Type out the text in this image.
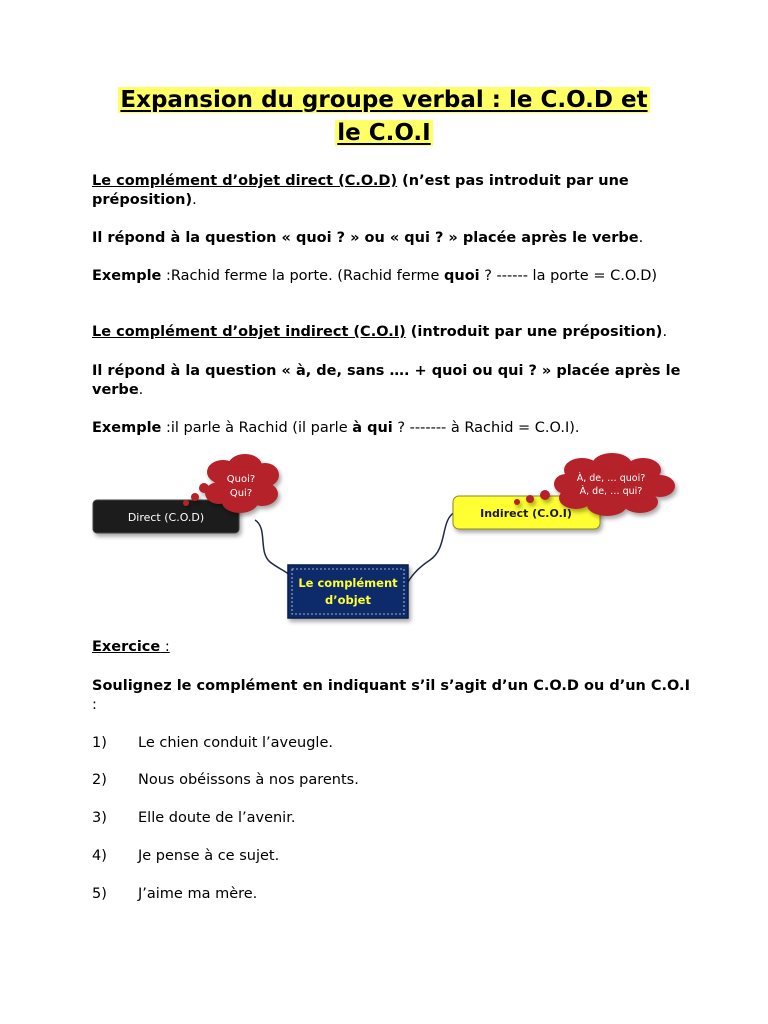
Expansion du groupe verbal : le C.O.D et
le C.O.I
Le complément d’objet direct (C.O.D) (n’est pas introduit par une préposition).
Il répond à la question « quoi ? » ou « qui ? » placée après le verbe.
Exemple :Rachid ferme la porte. (Rachid ferme quoi ? ------ la porte = C.O.D)
Le complément d’objet indirect (C.O.I) (introduit par une préposition).
Il répond à la question « à, de, sans …. + quoi ou qui ? » placée après le verbe.
Exemple :il parle à Rachid (il parle à qui ? ------- à Rachid = C.O.I).
Direct (C.O.D)	Indirect (C.O.I)
Le complément
d’objet
Quoi?
Qui?
À, de, … quoi?
À, de, … qui?
Exercice :
Soulignez le complément en indiquant s’il s’agit d’un C.O.D ou d’un C.O.I :
1) Le chien conduit l’aveugle.
2) Nous obéissons à nos parents.
3) Elle doute de l’avenir.
4) Je pense à ce sujet.
5) J’aime ma mère.
